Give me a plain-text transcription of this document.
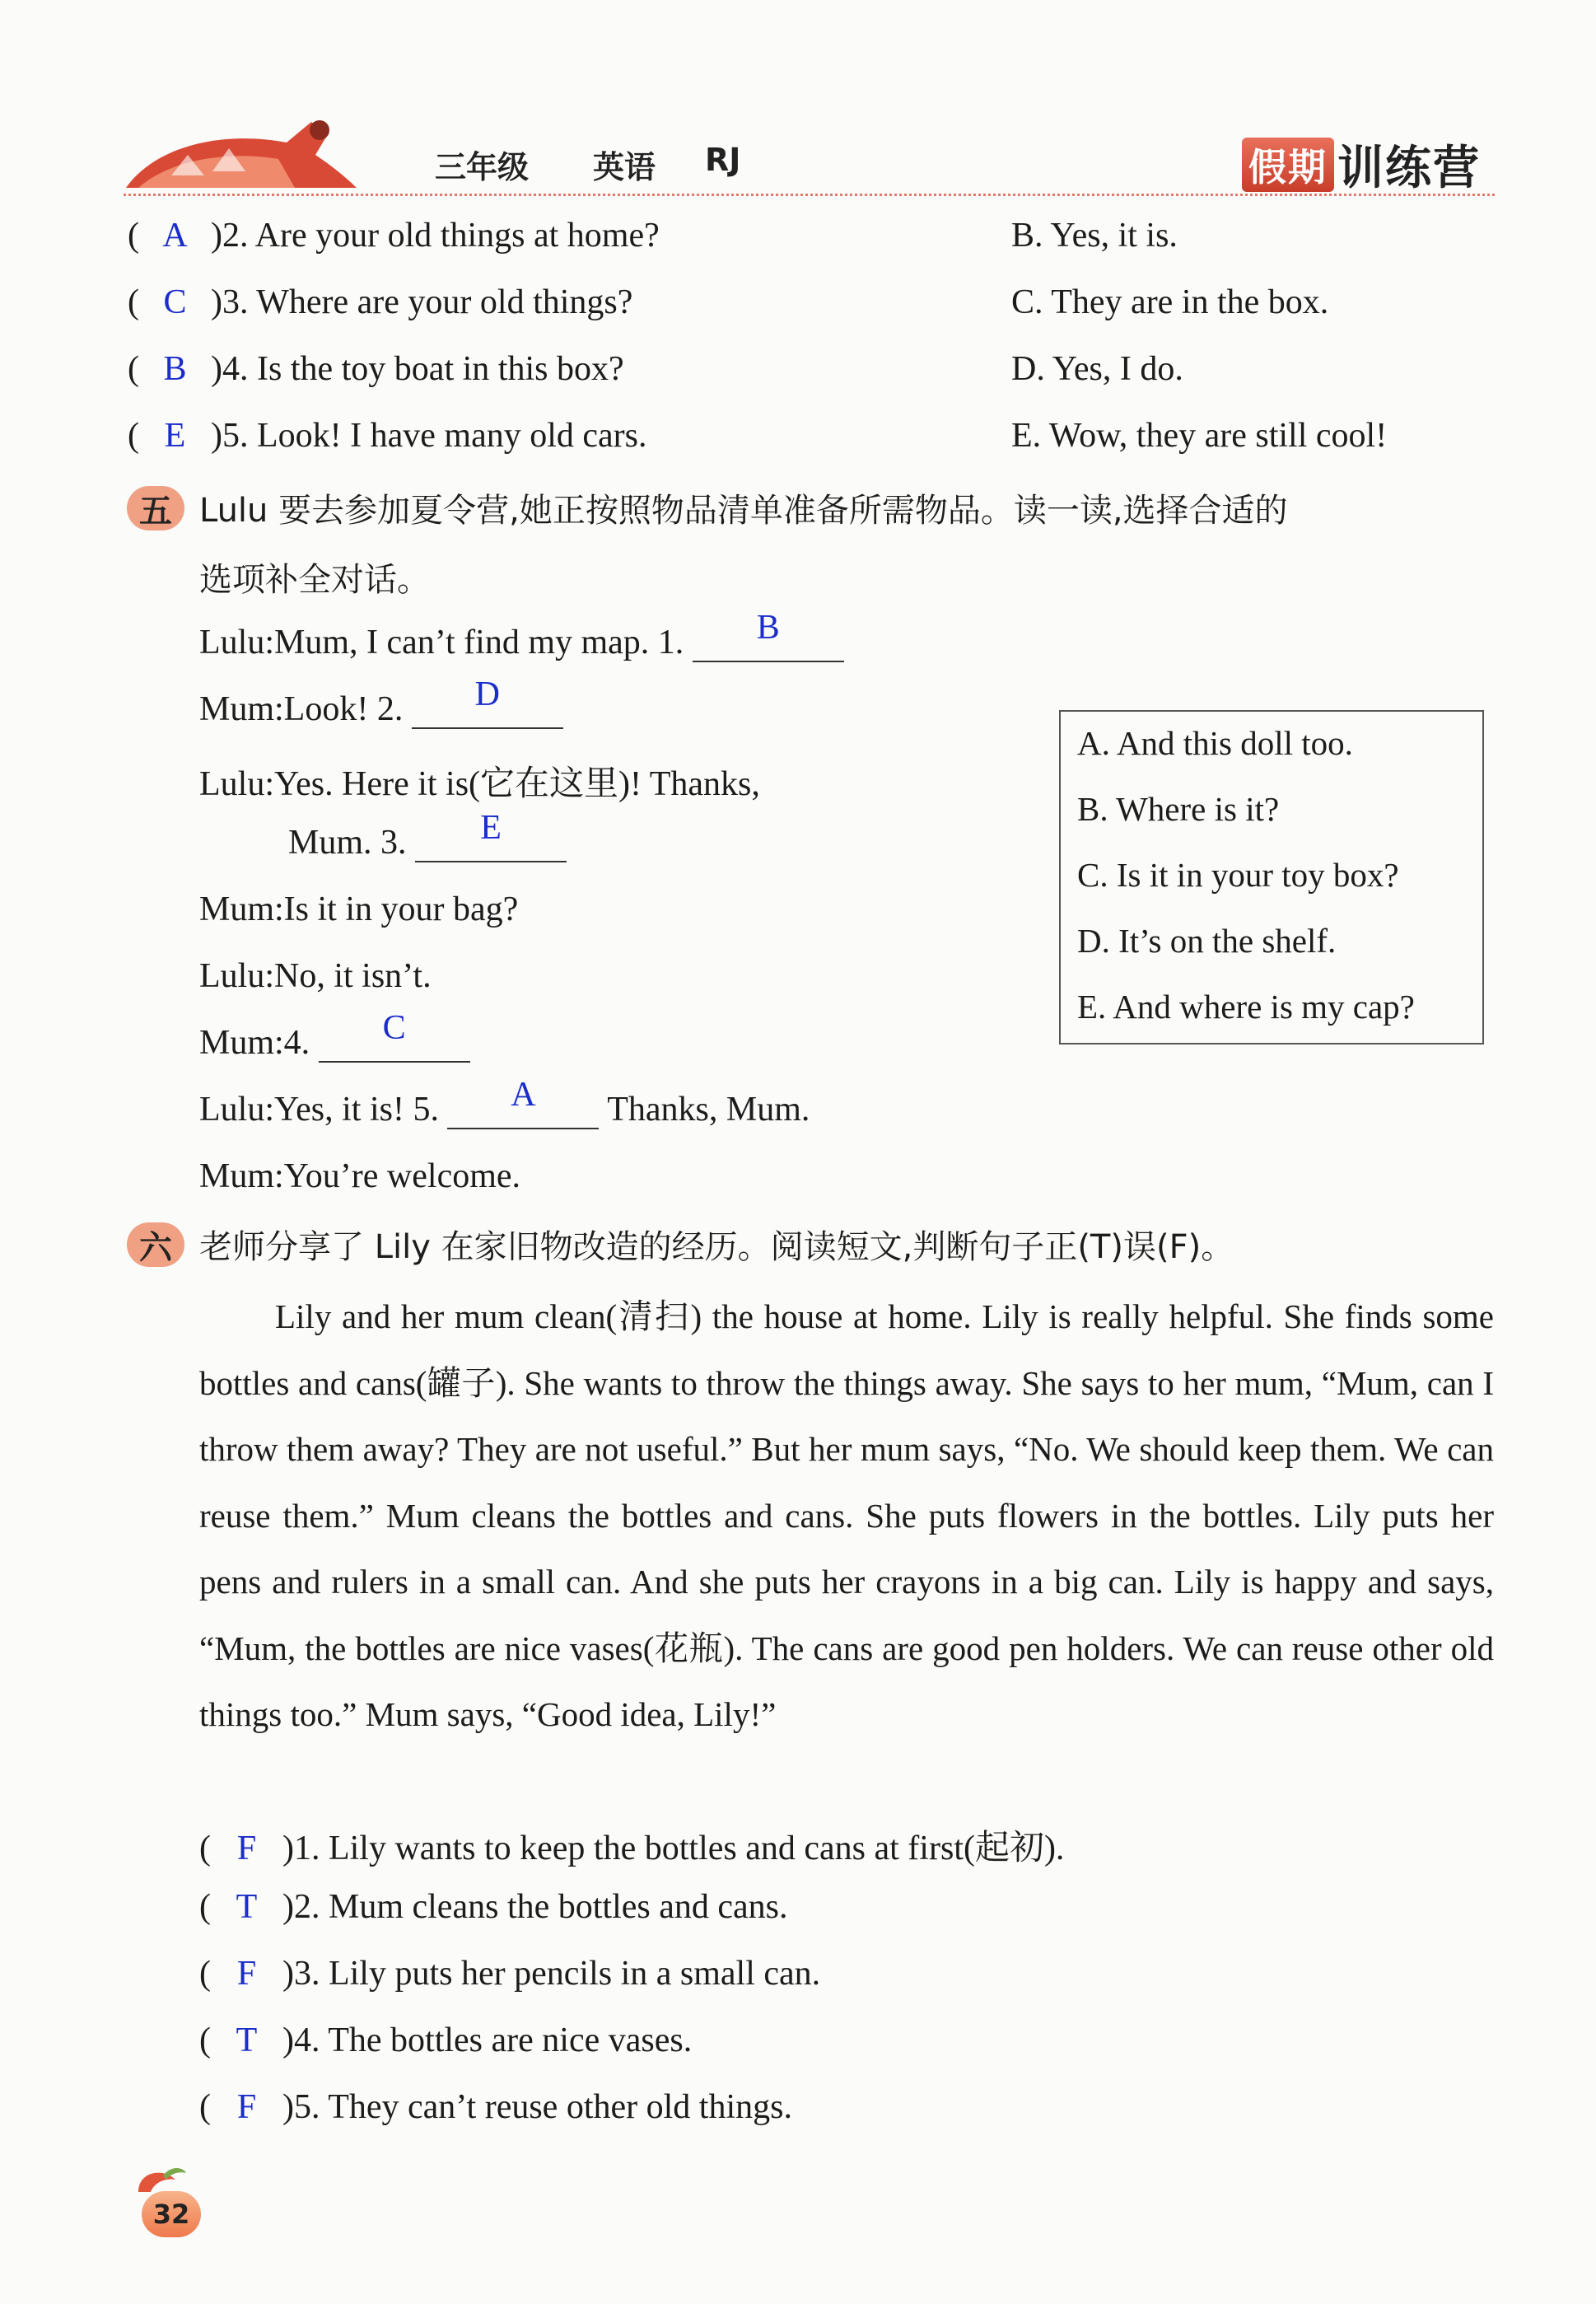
三年级 英语 RJ	假期 训练营
( A )2. Are your old things at home?	B. Yes, it is.
( C )3. Where are your old things?	C. They are in the box.
( B )4. Is the toy boat in this box?	D. Yes, I do.
( E )5. Look! I have many old cars.	E. Wow, they are still cool!
五 Lulu 要去参加夏令营,她正按照物品清单准备所需物品。读一读,选择合适的
选项补全对话。
Lulu:Mum, I can’t find my map. 1.	B
Mum:Look! 2.	D
Lulu:Yes. Here it is(它在这里)! Thanks,
Mum. 3.	E
Mum:Is it in your bag?
Lulu:No, it isn’t.
Mum:4.	C
Lulu:Yes, it is! 5.	A	Thanks, Mum.
Mum:You’re welcome.
A. And this doll too.
B. Where is it?
C. Is it in your toy box?
D. It’s on the shelf.
E. And where is my cap?
六 老师分享了 Lily 在家旧物改造的经历。阅读短文,判断句子正(T)误(F)。
Lily and her mum clean(清扫) the house at home. Lily is really helpful. She finds some bottles and cans(罐子). She wants to throw the things away. She says to her mum, “Mum, can I throw them away? They are not useful.” But her mum says, “No. We should keep them. We can reuse them.” Mum cleans the bottles and cans. She puts flowers in the bottles. Lily puts her pens and rulers in a small can. And she puts her crayons in a big can. Lily is happy and says, “Mum, the bottles are nice vases(花瓶). The cans are good pen holders. We can reuse other old things too.” Mum says, “Good idea, Lily!”
( F )1. Lily wants to keep the bottles and cans at first(起初).
( T )2. Mum cleans the bottles and cans.
( F )3. Lily puts her pencils in a small can.
( T )4. The bottles are nice vases.
( F )5. They can’t reuse other old things.
32
